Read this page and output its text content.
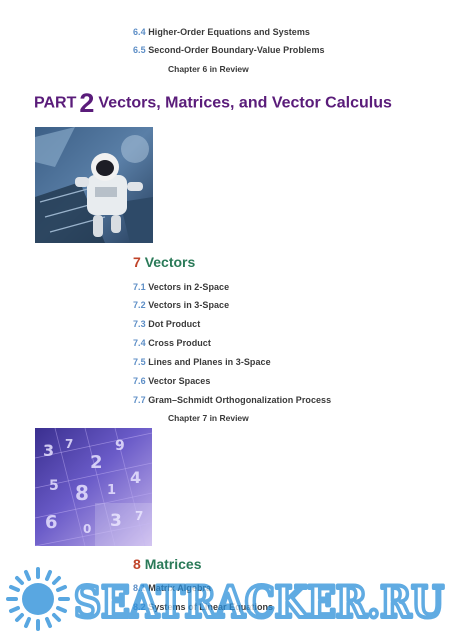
6.4 Higher-Order Equations and Systems
6.5 Second-Order Boundary-Value Problems
Chapter 6 in Review
PART 2 Vectors, Matrices, and Vector Calculus
7 Vectors
7.1 Vectors in 2-Space
7.2 Vectors in 3-Space
7.3 Dot Product
7.4 Cross Product
7.5 Lines and Planes in 3-Space
7.6 Vector Spaces
7.7 Gram–Schmidt Orthogonalization Process
Chapter 7 in Review
3 7
2
9
5 8 1
4
6 0 3 7
8 Matrices
8.1 Matrix Algebra
8.2 Systems of Linear Equations
SEATRACKER.RU
